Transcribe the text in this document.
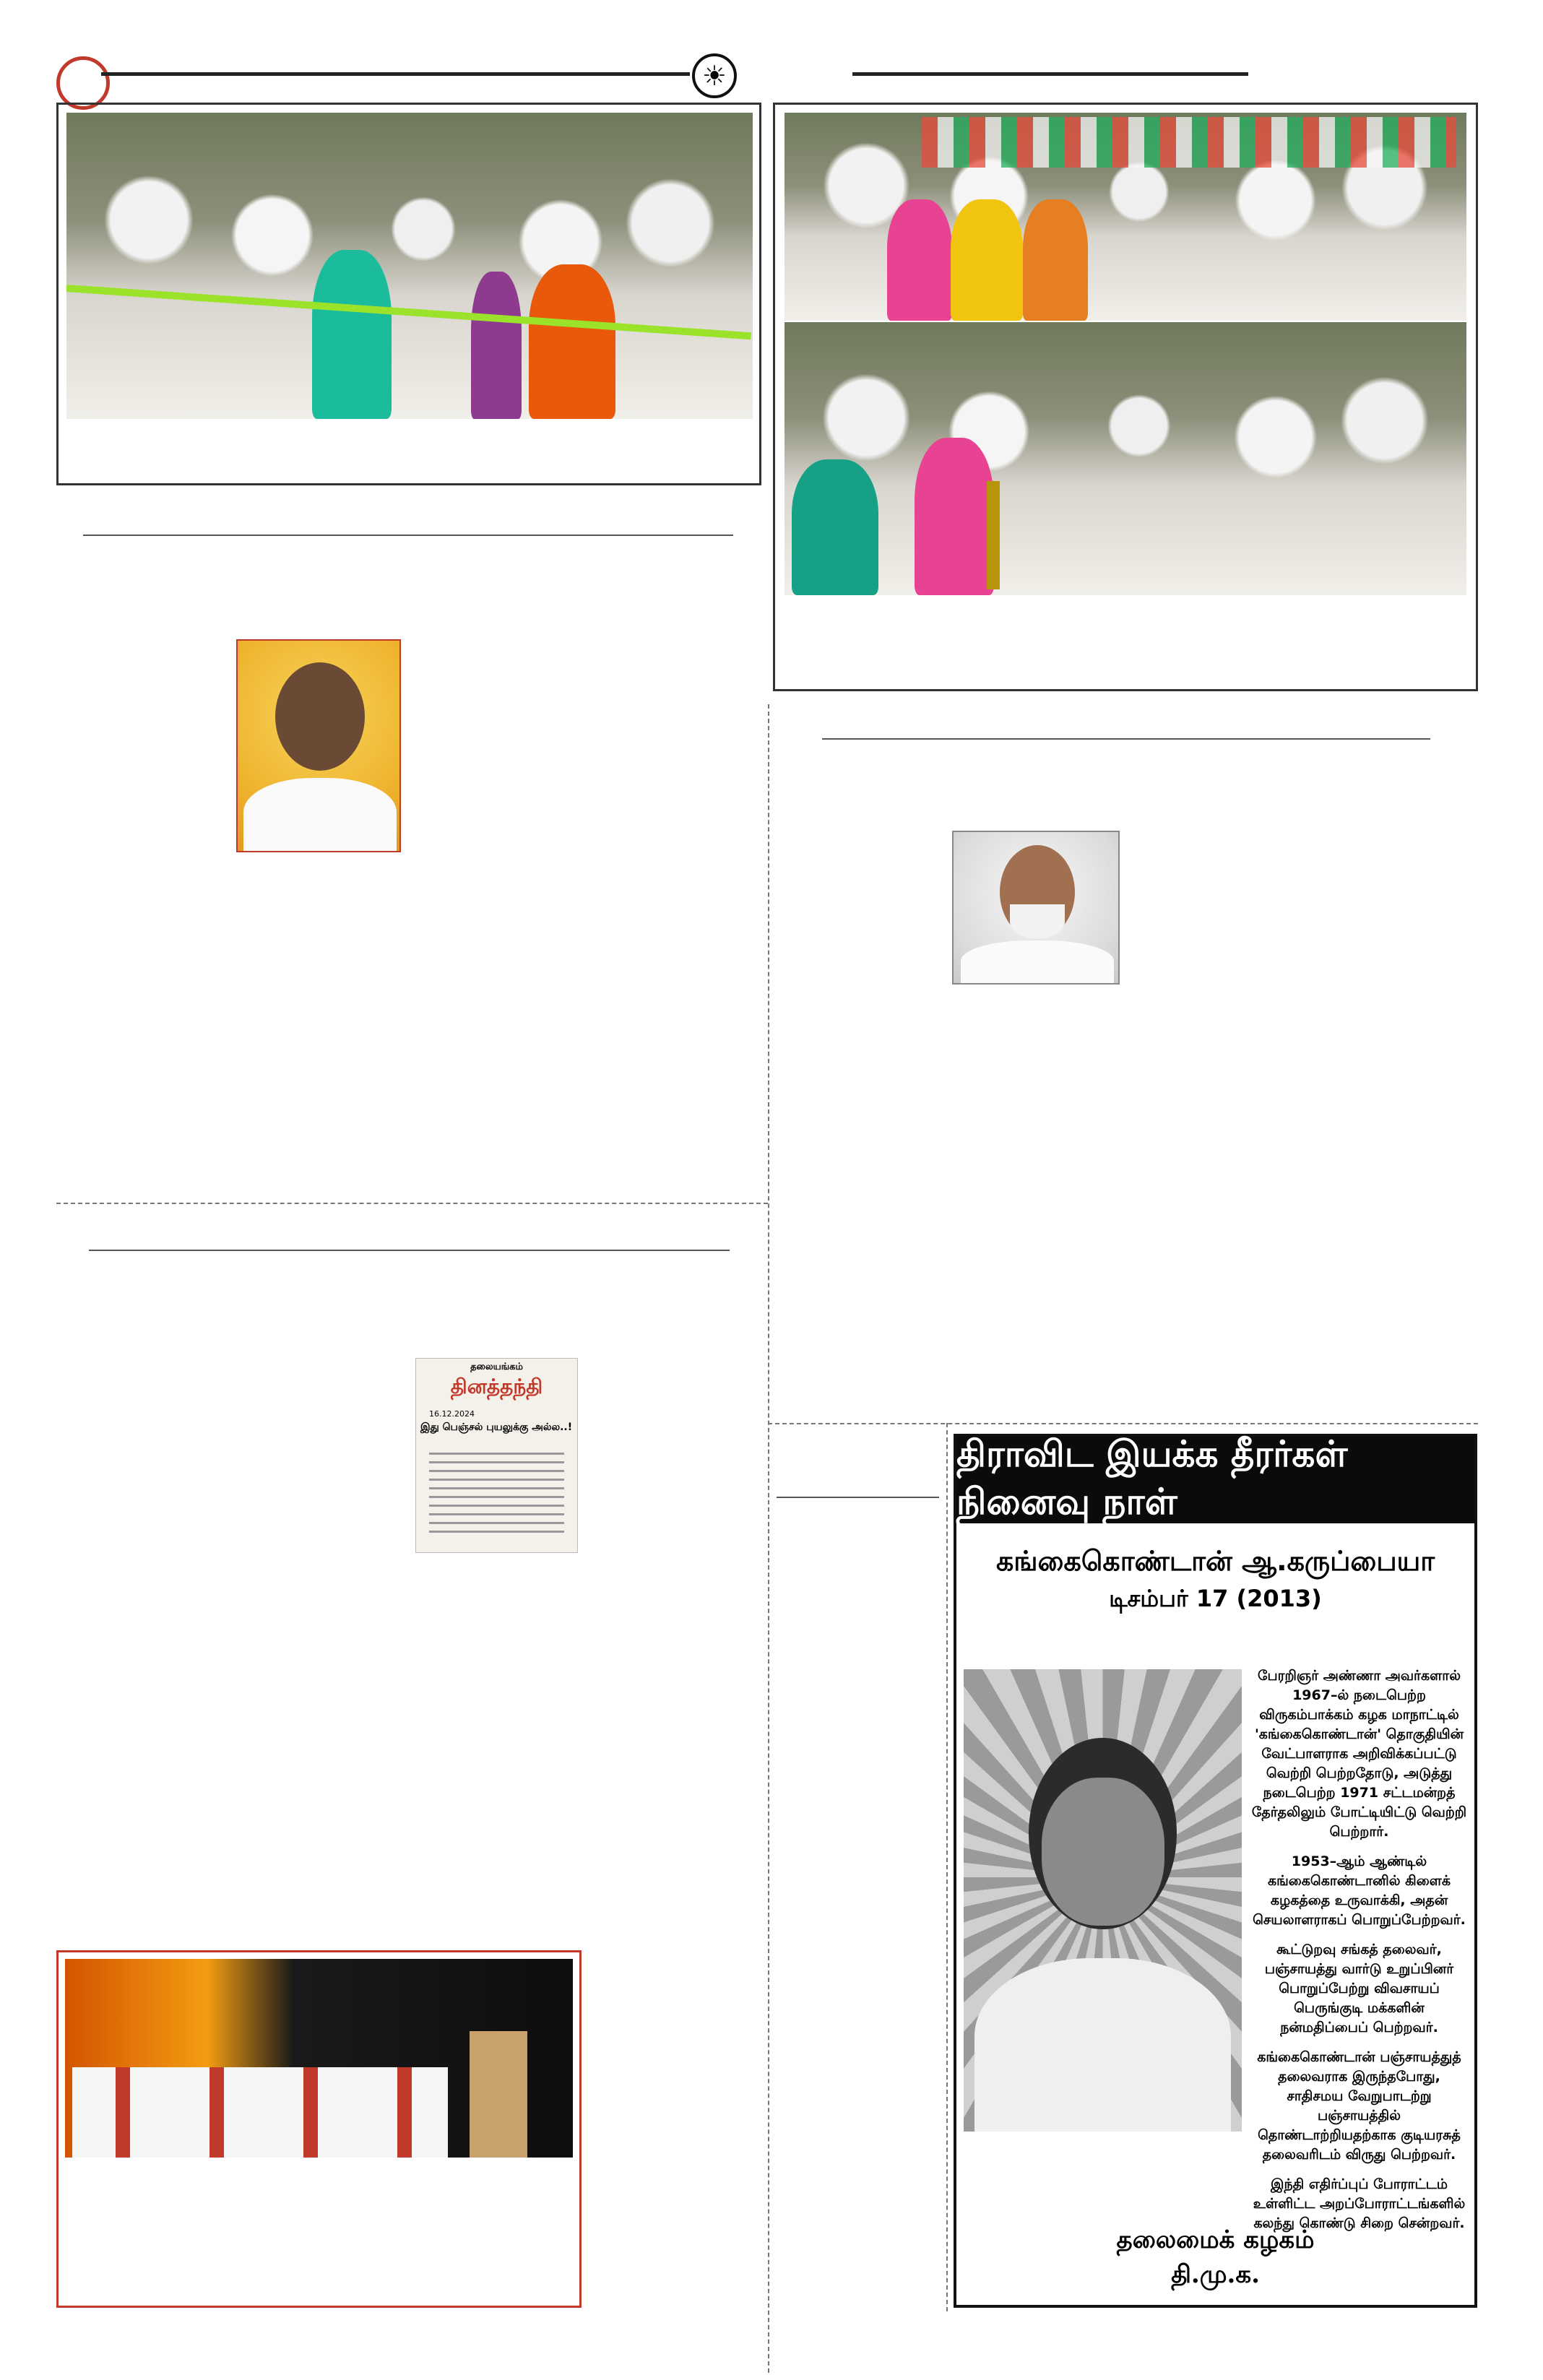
☀
தலையங்கம்
தினத்தந்தி
16.12.2024
இது பெஞ்சல் புயலுக்கு அல்ல..!
திராவிட இயக்க தீரர்கள் நினைவு நாள்
கங்கைகொண்டான் ஆ.கருப்பையா
டிசம்பர் 17 (2013)

பேரறிஞர் அண்ணா அவர்களால் 1967–ல் நடைபெற்ற விருகம்பாக்கம் கழக மாநாட்டில் 'கங்கைகொண்டான்' தொகுதியின் வேட்பாளராக அறிவிக்கப்பட்டு வெற்றி பெற்றதோடு, அடுத்து நடைபெற்ற 1971 சட்டமன்றத் தேர்தலிலும் போட்டியிட்டு வெற்றி பெற்றார்.

1953–ஆம் ஆண்டில் கங்கைகொண்டானில் கிளைக் கழகத்தை உருவாக்கி, அதன் செயலாளராகப் பொறுப்பேற்றவர்.

கூட்டுறவு சங்கத் தலைவர், பஞ்சாயத்து வார்டு உறுப்பினர் பொறுப்பேற்று விவசாயப் பெருங்குடி மக்களின் நன்மதிப்பைப் பெற்றவர்.

கங்கைகொண்டான் பஞ்சாயத்துத் தலைவராக இருந்தபோது, சாதிசமய வேறுபாடற்று பஞ்சாயத்தில் தொண்டாற்றியதற்காக குடியரசுத் தலைவரிடம் விருது பெற்றவர்.

இந்தி எதிர்ப்புப் போராட்டம் உள்ளிட்ட அறப்போராட்டங்களில் கலந்து கொண்டு சிறை சென்றவர்.

தலைமைக் கழகம்
தி.மு.க.
